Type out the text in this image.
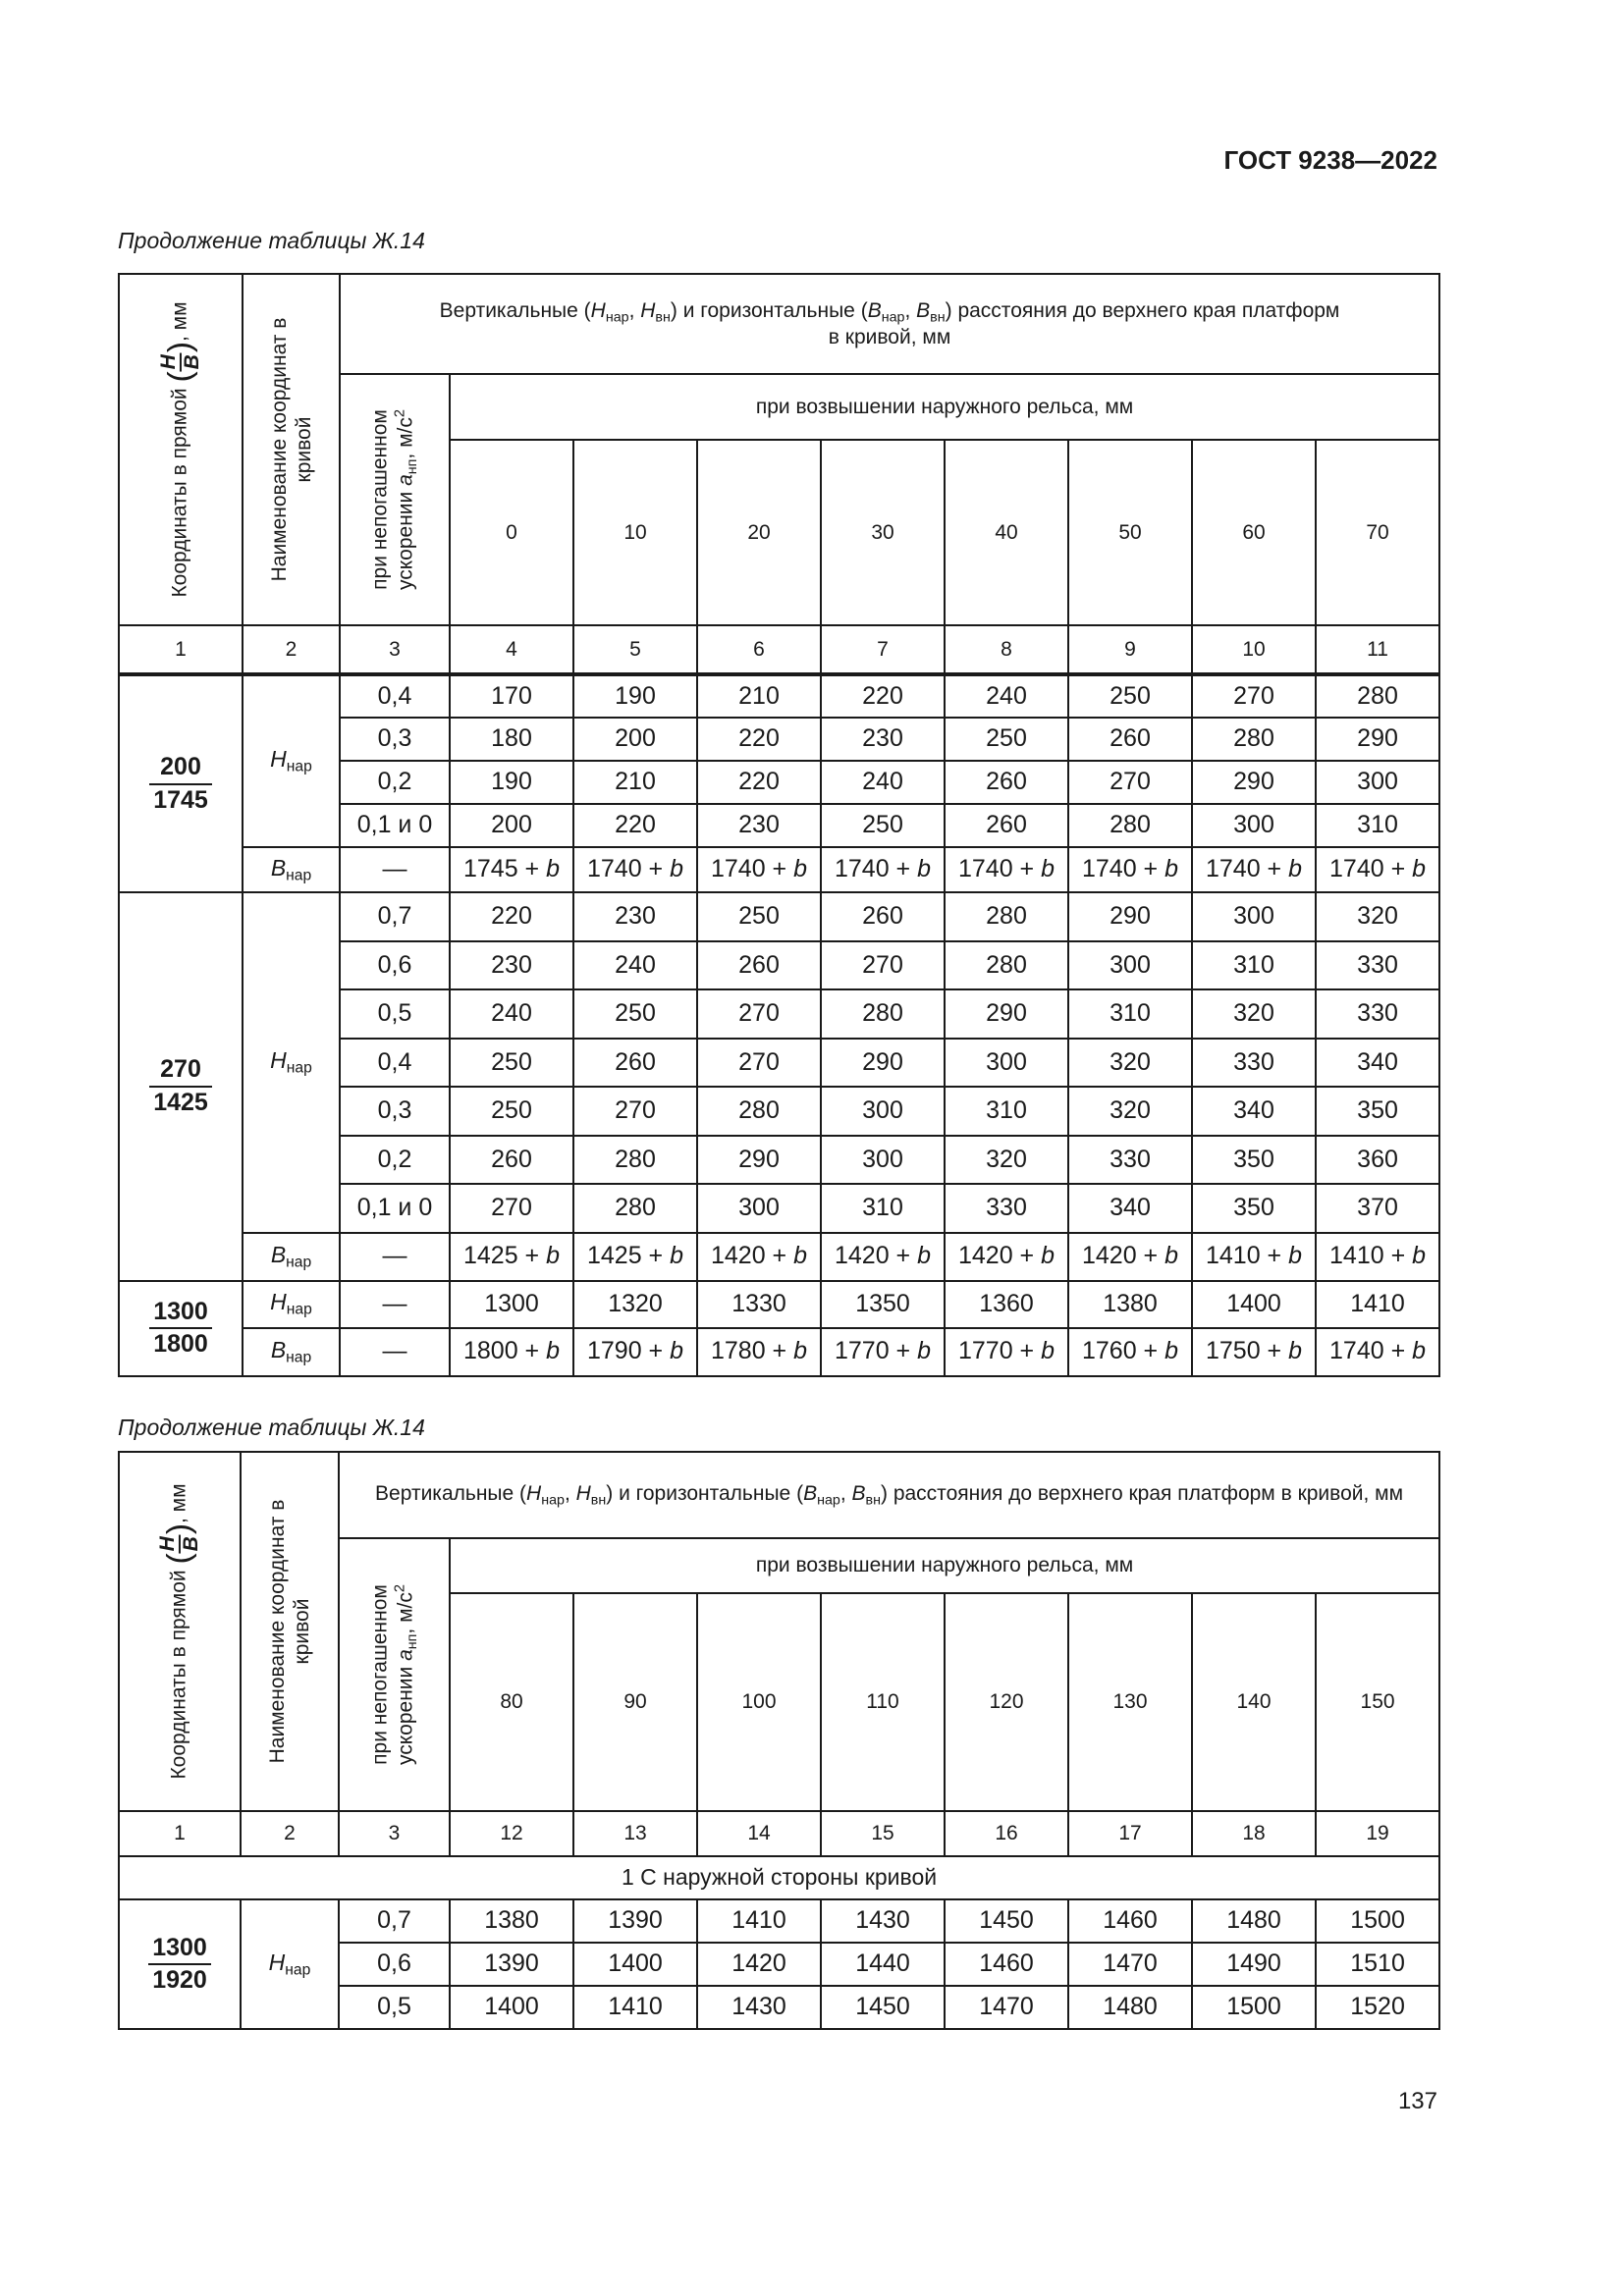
ГОСТ 9238—2022
Продолжение таблицы Ж.14
Координаты в прямой (
H B
), мм	Наименование координат в кривой	Вертикальные ($H_{нар}$, $H_{вн}$) и горизонтальные ($B_{нар}$, $B_{вн}$) расстояния до верхнего края платформ
в кривой, мм								

		при непогашенном ускорении $a_{нп}$, $м/с^2$	при возвышении наружного рельса, мм							
			0	10	20	30	40	50	60	70
1	2	3	4	5	6	7	8	9	10	11

$\frac{200}{1745}$	$H_{нар}$	0,4	170	190	210	220	240	250	270	280
		0,3	180	200	220	230	250	260	280	290
		0,2	190	210	220	240	260	270	290	300
		0,1 и 0	200	220	230	250	260	280	300	310
	$B_{нар}$	—	1745 + b	1740 + b	1740 + b	1740 + b	1740 + b	1740 + b	1740 + b	1740 + b

$\frac{270}{1425}$	$H_{нар}$	0,7	220	230	250	260	280	290	300	320
		0,6	230	240	260	270	280	300	310	330
		0,5	240	250	270	280	290	310	320	330
		0,4	250	260	270	290	300	320	330	340
		0,3	250	270	280	300	310	320	340	350
		0,2	260	280	290	300	320	330	350	360
		0,1 и 0	270	280	300	310	330	340	350	370
	$B_{нар}$	—	1425 + b	1425 + b	1420 + b	1420 + b	1420 + b	1420 + b	1410 + b	1410 + b

$\frac{1300}{1800}$	$H_{нар}$	—	1300	1320	1330	1350	1360	1380	1400	1410
	$B_{нар}$	—	1800 + b	1790 + b	1780 + b	1770 + b	1770 + b	1760 + b	1750 + b	1740 + b
Продолжение таблицы Ж.14
Координаты в прямой (
H B
), мм	Наименование координат в кривой	Вертикальные ($H_{нар}$, $H_{вн}$) и горизонтальные ($B_{нар}$, $B_{вн}$) расстояния до верхнего края платформ в кривой, мм								

		при непогашенном ускорении $a_{нп}$, $м/с^2$	при возвышении наружного рельса, мм							
			80	90	100	110	120	130	140	150
1	2	3	12	13	14	15	16	17	18	19
1 С наружной стороны кривой										

$\frac{1300}{1920}$	$H_{нар}$	0,7	1380	1390	1410	1430	1450	1460	1480	1500
		0,6	1390	1400	1420	1440	1460	1470	1490	1510
		0,5	1400	1410	1430	1450	1470	1480	1500	1520
137
